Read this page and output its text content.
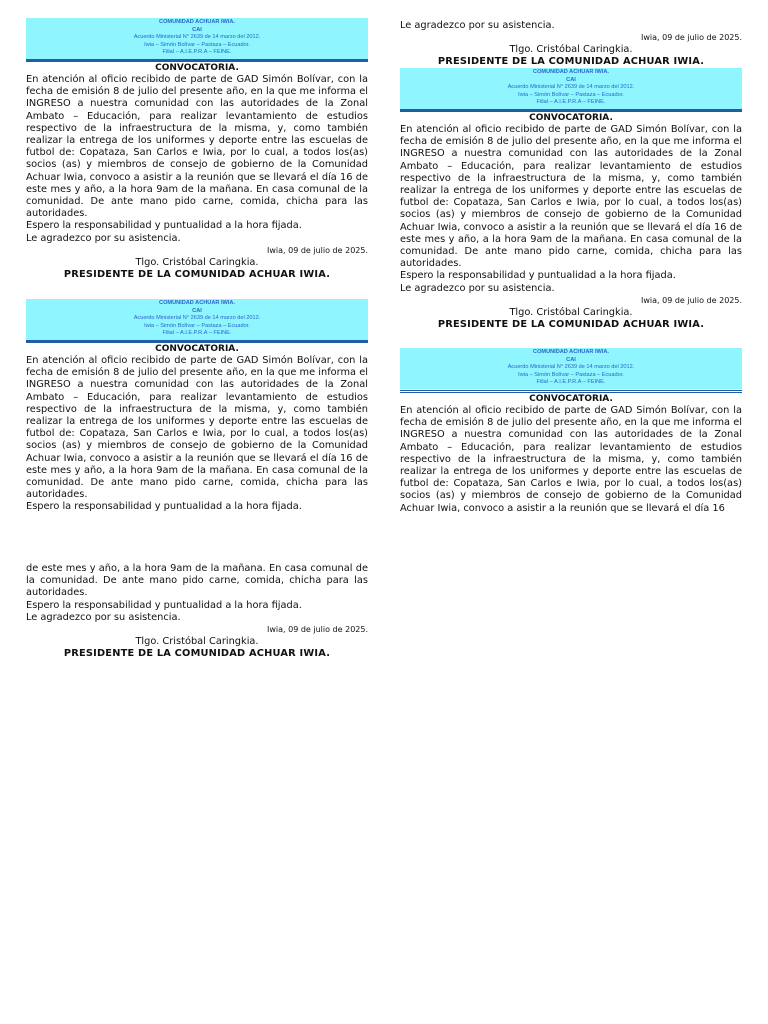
COMUNIDAD ACHUAR IWIA.
CAI
Acuerdo Ministerial N° 2639 de 14 marzo del 2012.
Iwia – Simón Bolívar – Pastaza – Ecuador.
Filial – A.I.E.P.R.A – FEINE.
CONVOCATORIA.

En atención al oficio recibido de parte de GAD Simón Bolívar, con la fecha de emisión 8 de julio del presente año, en la que me informa el INGRESO a nuestra comunidad con las autoridades de la Zonal Ambato – Educación, para realizar levantamiento de estudios respectivo de la infraestructura de la misma, y, como también realizar la entrega de los uniformes y deporte entre las escuelas de futbol de: Copataza, San Carlos e Iwia, por lo cual, a todos los(as) socios (as) y miembros de consejo de gobierno de la Comunidad Achuar Iwia, convoco a asistir a la reunión que se llevará el día 16 de este mes y año, a la hora 9am de la mañana. En casa comunal de la comunidad. De ante mano pido carne, comida, chicha para las autoridades.

Espero la responsabilidad y puntualidad a la hora fijada.

Le agradezco por su asistencia.

Iwia, 09 de julio de 2025.

Tlgo. Cristóbal Caringkia.

PRESIDENTE DE LA COMUNIDAD ACHUAR IWIA.

COMUNIDAD ACHUAR IWIA.
CAI
Acuerdo Ministerial N° 2639 de 14 marzo del 2012.
Iwia – Simón Bolívar – Pastaza – Ecuador.
Filial – A.I.E.P.R.A – FEINE.
CONVOCATORIA.

En atención al oficio recibido de parte de GAD Simón Bolívar, con la fecha de emisión 8 de julio del presente año, en la que me informa el INGRESO a nuestra comunidad con las autoridades de la Zonal Ambato – Educación, para realizar levantamiento de estudios respectivo de la infraestructura de la misma, y, como también realizar la entrega de los uniformes y deporte entre las escuelas de futbol de: Copataza, San Carlos e Iwia, por lo cual, a todos los(as) socios (as) y miembros de consejo de gobierno de la Comunidad Achuar Iwia, convoco a asistir a la reunión que se llevará el día 16 de este mes y año, a la hora 9am de la mañana. En casa comunal de la comunidad. De ante mano pido carne, comida, chicha para las autoridades.

Espero la responsabilidad y puntualidad a la hora fijada.

de este mes y año, a la hora 9am de la mañana. En casa comunal de la comunidad. De ante mano pido carne, comida, chicha para las autoridades.

Espero la responsabilidad y puntualidad a la hora fijada.

Le agradezco por su asistencia.

Iwia, 09 de julio de 2025.

Tlgo. Cristóbal Caringkia.

PRESIDENTE DE LA COMUNIDAD ACHUAR IWIA.

Le agradezco por su asistencia.

Iwia, 09 de julio de 2025.

Tlgo. Cristóbal Caringkia.

PRESIDENTE DE LA COMUNIDAD ACHUAR IWIA.

COMUNIDAD ACHUAR IWIA.
CAI
Acuerdo Ministerial N° 2639 de 14 marzo del 2012.
Iwia – Simón Bolívar – Pastaza – Ecuador.
Filial – A.I.E.P.R.A – FEINE.
CONVOCATORIA.

En atención al oficio recibido de parte de GAD Simón Bolívar, con la fecha de emisión 8 de julio del presente año, en la que me informa el INGRESO a nuestra comunidad con las autoridades de la Zonal Ambato – Educación, para realizar levantamiento de estudios respectivo de la infraestructura de la misma, y, como también realizar la entrega de los uniformes y deporte entre las escuelas de futbol de: Copataza, San Carlos e Iwia, por lo cual, a todos los(as) socios (as) y miembros de consejo de gobierno de la Comunidad Achuar Iwia, convoco a asistir a la reunión que se llevará el día 16 de este mes y año, a la hora 9am de la mañana. En casa comunal de la comunidad. De ante mano pido carne, comida, chicha para las autoridades.

Espero la responsabilidad y puntualidad a la hora fijada.

Le agradezco por su asistencia.

Iwia, 09 de julio de 2025.

Tlgo. Cristóbal Caringkia.

PRESIDENTE DE LA COMUNIDAD ACHUAR IWIA.

COMUNIDAD ACHUAR IWIA.
CAI
Acuerdo Ministerial N° 2639 de 14 marzo del 2012.
Iwia – Simón Bolívar – Pastaza – Ecuador.
Filial – A.I.E.P.R.A – FEINE.
CONVOCATORIA.

En atención al oficio recibido de parte de GAD Simón Bolívar, con la fecha de emisión 8 de julio del presente año, en la que me informa el INGRESO a nuestra comunidad con las autoridades de la Zonal Ambato – Educación, para realizar levantamiento de estudios respectivo de la infraestructura de la misma, y, como también realizar la entrega de los uniformes y deporte entre las escuelas de futbol de: Copataza, San Carlos e Iwia, por lo cual, a todos los(as) socios (as) y miembros de consejo de gobierno de la Comunidad Achuar Iwia, convoco a asistir a la reunión que se llevará el día 16
